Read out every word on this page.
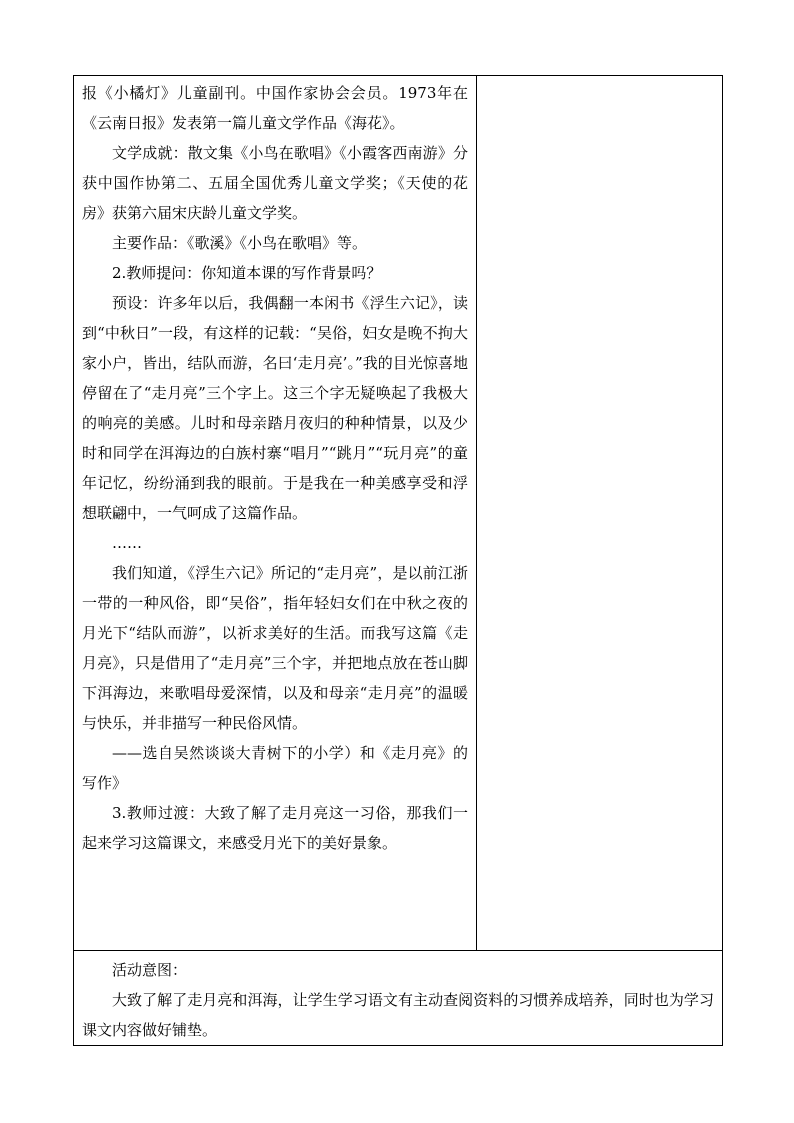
报《小橘灯》儿童副刊。中国作家协会会员。1973年在《云南日报》发表第一篇儿童文学作品《海花》。

文学成就：散文集《小鸟在歌唱》《小霞客西南游》分获中国作协第二、五届全国优秀儿童文学奖；《天使的花房》获第六届宋庆龄儿童文学奖。

主要作品：《歌溪》《小鸟在歌唱》等。

2.教师提问：你知道本课的写作背景吗？

预设：许多年以后，我偶翻一本闲书《浮生六记》，读到“中秋日”一段，有这样的记载：“吴俗，妇女是晚不拘大家小户，皆出，结队而游，名曰‘走月亮’。”我的目光惊喜地停留在了“走月亮”三个字上。这三个字无疑唤起了我极大的响亮的美感。儿时和母亲踏月夜归的种种情景，以及少时和同学在洱海边的白族村寨“唱月”“跳月”“玩月亮”的童年记忆，纷纷涌到我的眼前。于是我在一种美感享受和浮想联翩中，一气呵成了这篇作品。

……

我们知道，《浮生六记》所记的“走月亮”，是以前江浙一带的一种风俗，即“吴俗”，指年轻妇女们在中秋之夜的月光下“结队而游”，以祈求美好的生活。而我写这篇《走月亮》，只是借用了“走月亮”三个字，并把地点放在苍山脚下洱海边，来歌唱母爱深情，以及和母亲“走月亮”的温暖与快乐，并非描写一种民俗风情。

——选自吴然谈谈大青树下的小学）和《走月亮》的写作》

3.教师过渡：大致了解了走月亮这一习俗，那我们一起来学习这篇课文，来感受月光下的美好景象。

活动意图：

大致了解了走月亮和洱海，让学生学习语文有主动查阅资料的习惯养成培养，同时也为学习课文内容做好铺垫。
